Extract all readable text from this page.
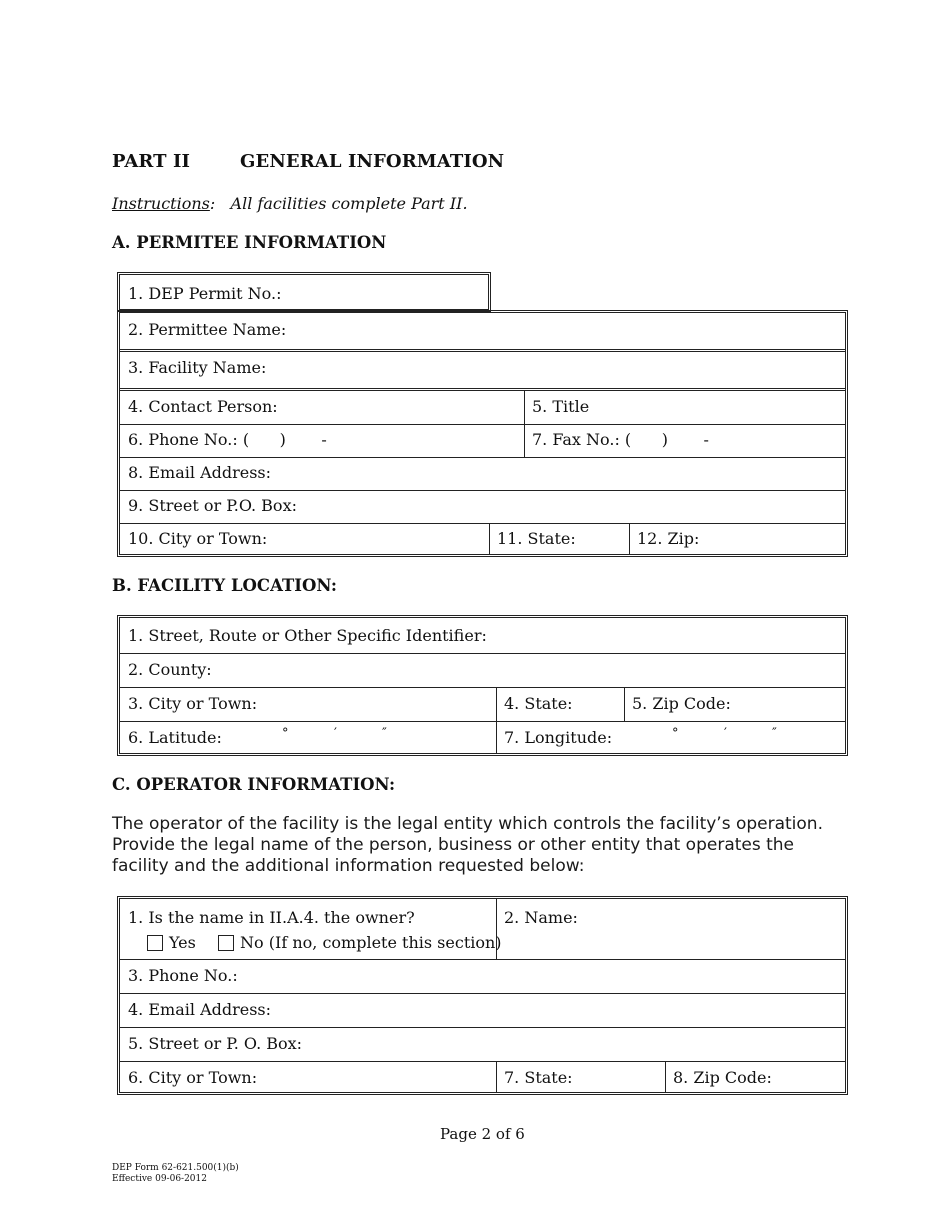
PART II	GENERAL INFORMATION
Instructions:   All facilities complete Part II.
A. PERMITEE INFORMATION
1. DEP Permit No.:
2. Permittee Name:
3. Facility Name:
4. Contact Person:	5. Title
6. Phone No.: (      )       -	7. Fax No.: (      )       -
8. Email Address:
9. Street or P.O. Box:
10. City or Town:	11. State:	12. Zip:
B. FACILITY LOCATION:
1. Street, Route or Other Specific Identifier:
2. County:
3. City or Town:	4. State:	5. Zip Code:
6. Latitude:	°	′	″	7. Longitude:	°	′	″
C. OPERATOR INFORMATION:
The operator of the facility is the legal entity which controls the facility’s operation. Provide the legal name of the person, business or other entity that operates the facility and the additional information requested below:
1. Is the name in II.A.4. the owner?
Yes	No (If no, complete this section)
2. Name:
3. Phone No.:
4. Email Address:
5. Street or P. O. Box:
6. City or Town:	7. State:	8. Zip Code:
Page 2 of 6
DEP Form 62-621.500(1)(b)
Effective 09-06-2012
